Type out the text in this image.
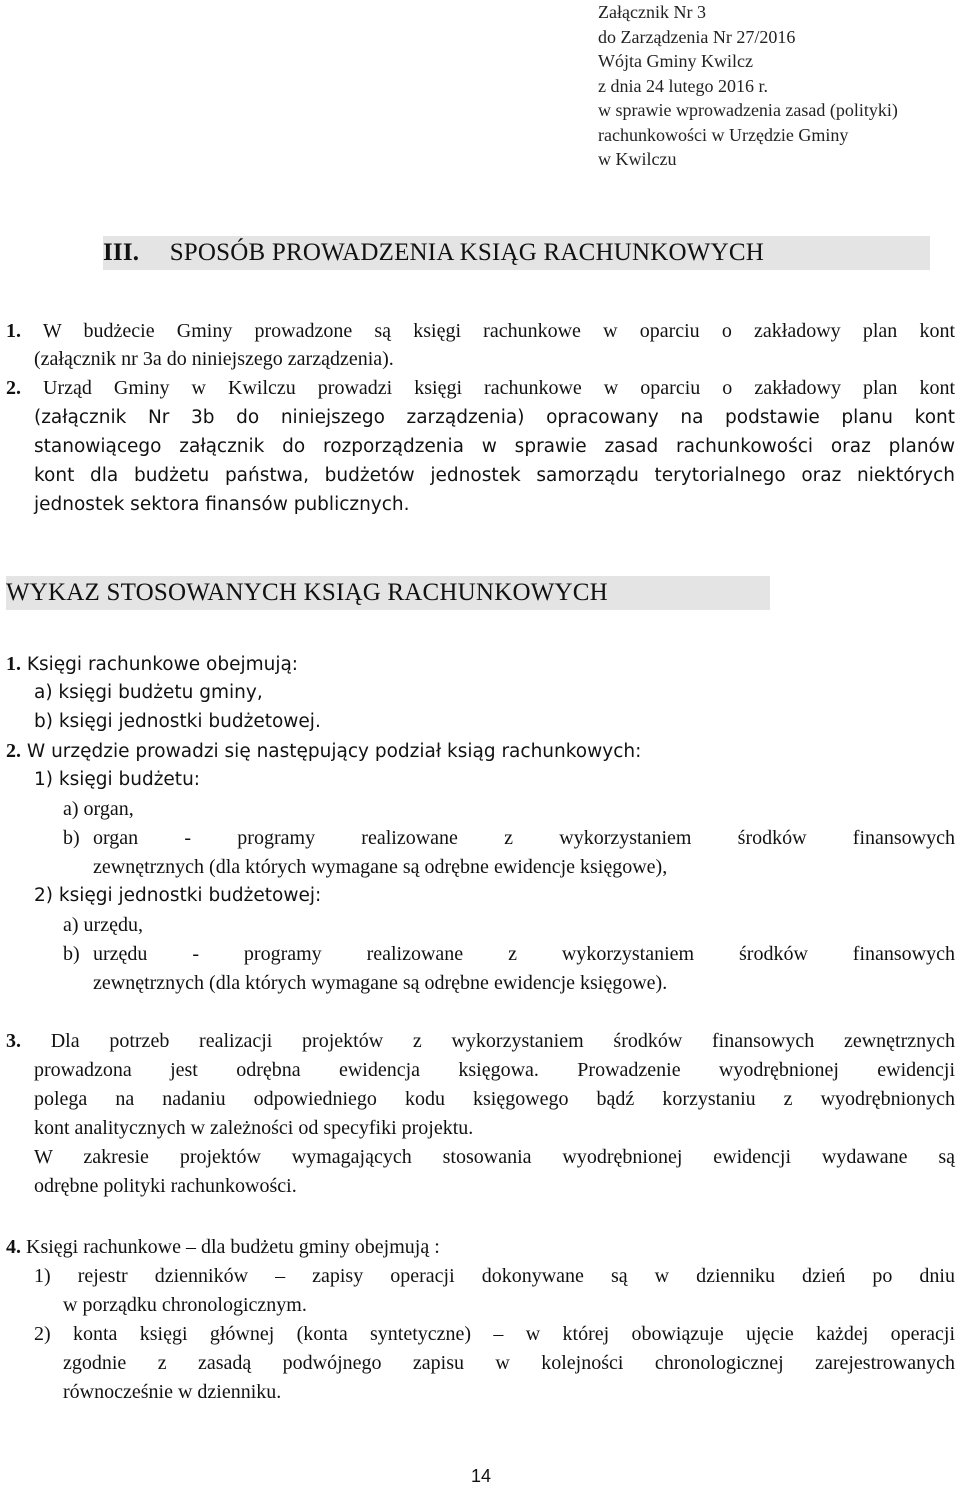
Załącznik Nr 3
do Zarządzenia Nr 27/2016
Wójta Gminy Kwilcz
z dnia 24 lutego 2016 r.
w sprawie wprowadzenia zasad (polityki)
rachunkowości w Urzędzie Gminy
w Kwilczu
III. SPOSÓB PROWADZENIA KSIĄG RACHUNKOWYCH
1. W budżecie Gminy prowadzone są księgi rachunkowe w oparciu o zakładowy plan kont
(załącznik nr 3a do niniejszego zarządzenia).
2. Urząd Gminy w Kwilczu prowadzi księgi rachunkowe w oparciu o zakładowy plan kont
(załącznik Nr 3b do niniejszego zarządzenia) opracowany na podstawie planu kont
stanowiącego załącznik do rozporządzenia w sprawie zasad rachunkowości oraz planów
kont dla budżetu państwa, budżetów jednostek samorządu terytorialnego oraz niektórych
jednostek sektora finansów publicznych.
WYKAZ STOSOWANYCH KSIĄG RACHUNKOWYCH
1. Księgi rachunkowe obejmują:
a) księgi budżetu gminy,
b) księgi jednostki budżetowej.
2. W urzędzie prowadzi się następujący podział ksiąg rachunkowych:
1) księgi budżetu:
a) organ,
b) organ - programy realizowane z wykorzystaniem środków finansowych
zewnętrznych (dla których wymagane są odrębne ewidencje księgowe),
2) księgi jednostki budżetowej:
a) urzędu,
b) urzędu - programy realizowane z wykorzystaniem środków finansowych
zewnętrznych (dla których wymagane są odrębne ewidencje księgowe).
3. Dla potrzeb realizacji projektów z wykorzystaniem środków finansowych zewnętrznych
prowadzona jest odrębna ewidencja księgowa. Prowadzenie wyodrębnionej ewidencji
polega na nadaniu odpowiedniego kodu księgowego bądź korzystaniu z wyodrębnionych
kont analitycznych w zależności od specyfiki projektu.
W zakresie projektów wymagających stosowania wyodrębnionej ewidencji wydawane są
odrębne polityki rachunkowości.
4. Księgi rachunkowe – dla budżetu gminy obejmują :
1) rejestr dzienników – zapisy operacji dokonywane są w dzienniku dzień po dniu
w porządku chronologicznym.
2) konta księgi głównej (konta syntetyczne) – w której obowiązuje ujęcie każdej operacji
zgodnie z zasadą podwójnego zapisu w kolejności chronologicznej zarejestrowanych
równocześnie w dzienniku.
14
